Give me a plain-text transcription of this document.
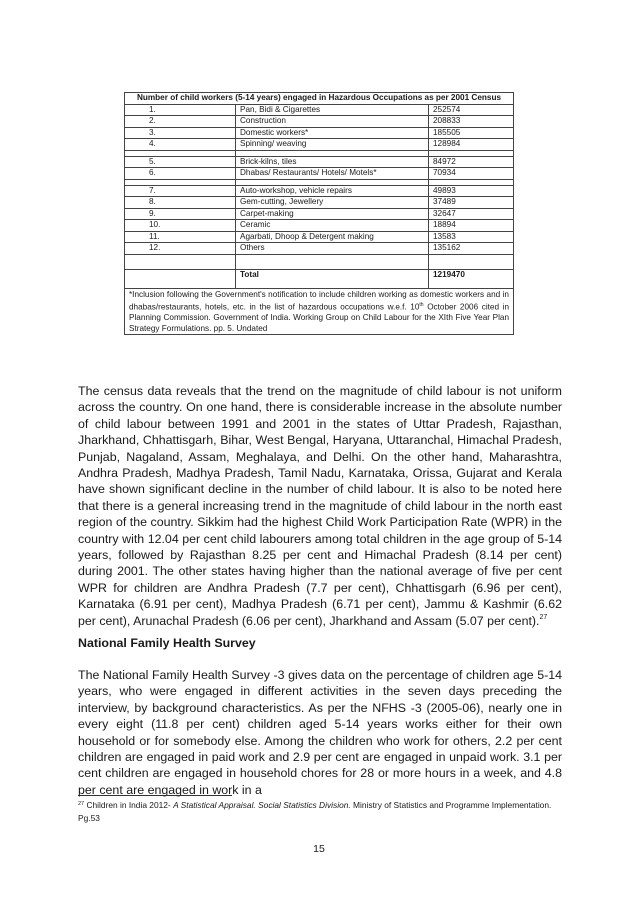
Number of child workers (5-14 years) engaged in Hazardous Occupations as per 2001 Census		
1.	Pan, Bidi & Cigarettes	252574
2.	Construction	208833
3.	Domestic workers*	185505
4.	Spinning/ weaving	128984

5.	Brick-kilns, tiles	84972
6.	Dhabas/ Restaurants/ Hotels/ Motels*	70934

7.	Auto-workshop, vehicle repairs	49893
8.	Gem-cutting, Jewellery	37489
9.	Carpet-making	32647
10.	Ceramic	18894
11.	Agarbati, Dhoop & Detergent making	13583
12.	Others	135162

	Total	1219470
*Inclusion following the Government's notification to include children working as domestic workers and in dhabas/restaurants, hotels, etc. in the list of hazardous occupations w.e.f. 10th October 2006 cited in Planning Commission. Government of India. Working Group on Child Labour for the XIth Five Year Plan Strategy Formulations. pp. 5. Undated		

The census data reveals that the trend on the magnitude of child labour is not uniform across the country. On one hand, there is considerable increase in the absolute number of child labour between 1991 and 2001 in the states of Uttar Pradesh, Rajasthan, Jharkhand, Chhattisgarh, Bihar, West Bengal, Haryana, Uttaranchal, Himachal Pradesh, Punjab, Nagaland, Assam, Meghalaya, and Delhi. On the other hand, Maharashtra, Andhra Pradesh, Madhya Pradesh, Tamil Nadu, Karnataka, Orissa, Gujarat and Kerala have shown significant decline in the number of child labour. It is also to be noted here that there is a general increasing trend in the magnitude of child labour in the north east region of the country. Sikkim had the highest Child Work Participation Rate (WPR) in the country with 12.04 per cent child labourers among total children in the age group of 5-14 years, followed by Rajasthan 8.25 per cent and Himachal Pradesh (8.14 per cent) during 2001. The other states having higher than the national average of five per cent WPR for children are Andhra Pradesh (7.7 per cent), Chhattisgarh (6.96 per cent), Karnataka (6.91 per cent), Madhya Pradesh (6.71 per cent), Jammu & Kashmir (6.62 per cent), Arunachal Pradesh (6.06 per cent), Jharkhand and Assam (5.07 per cent).$^{27}$

National Family Health Survey

The National Family Health Survey -3 gives data on the percentage of children age 5-14 years, who were engaged in different activities in the seven days preceding the interview, by background characteristics. As per the NFHS -3 (2005-06), nearly one in every eight (11.8 per cent) children aged 5-14 years works either for their own household or for somebody else. Among the children who work for others, 2.2 per cent children are engaged in paid work and 2.9 per cent are engaged in unpaid work. 3.1 per cent children are engaged in household chores for 28 or more hours in a week, and 4.8 per cent are engaged in work in a

$^{27}$ Children in India 2012- A Statistical Appraisal. Social Statistics Division. Ministry of Statistics and Programme Implementation. Pg.53

15
